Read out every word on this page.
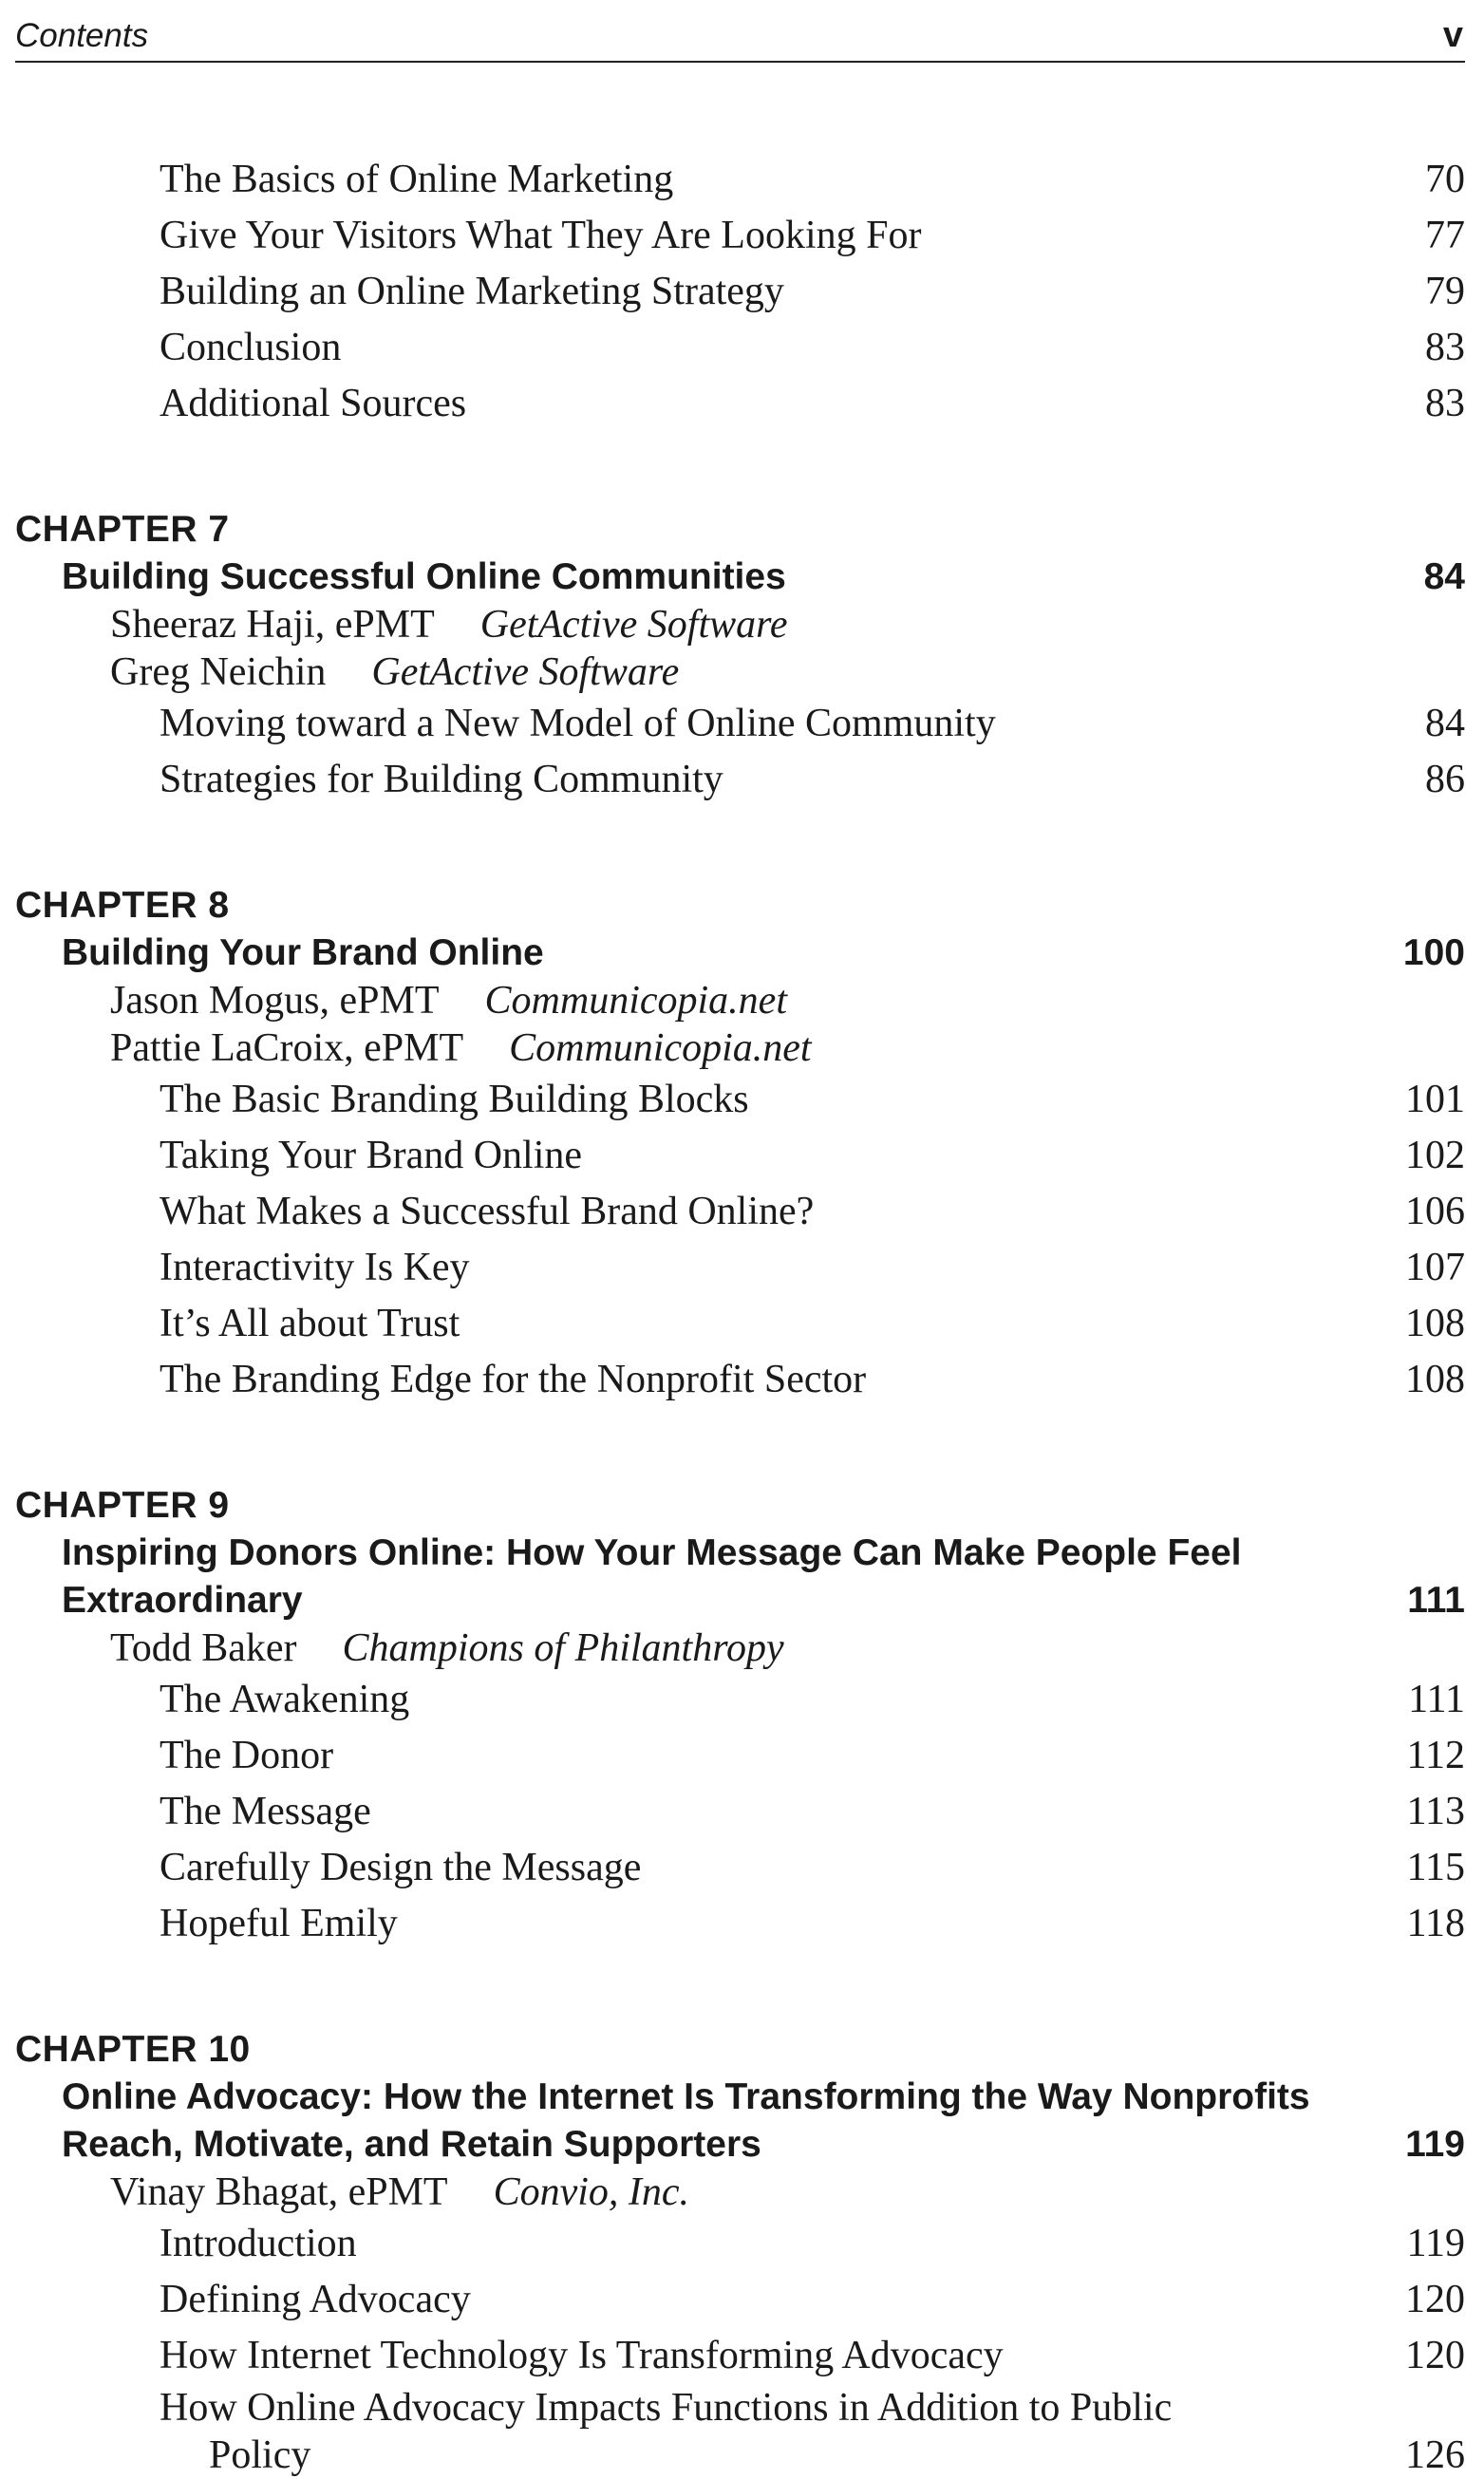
Contents	v
The Basics of Online Marketing	70
Give Your Visitors What They Are Looking For	77
Building an Online Marketing Strategy	79
Conclusion	83
Additional Sources	83
CHAPTER 7
Building Successful Online Communities	84
Sheeraz Haji, ePMT GetActive Software
Greg Neichin GetActive Software
Moving toward a New Model of Online Community	84
Strategies for Building Community	86
CHAPTER 8
Building Your Brand Online	100
Jason Mogus, ePMT Communicopia.net
Pattie LaCroix, ePMT Communicopia.net
The Basic Branding Building Blocks	101
Taking Your Brand Online	102
What Makes a Successful Brand Online?	106
Interactivity Is Key	107
It’s All about Trust	108
The Branding Edge for the Nonprofit Sector	108
CHAPTER 9
Inspiring Donors Online: How Your Message Can Make People Feel
Extraordinary	111
Todd Baker Champions of Philanthropy
The Awakening	111
The Donor	112
The Message	113
Carefully Design the Message	115
Hopeful Emily	118
CHAPTER 10
Online Advocacy: How the Internet Is Transforming the Way Nonprofits
Reach, Motivate, and Retain Supporters	119
Vinay Bhagat, ePMT Convio, Inc.
Introduction	119
Defining Advocacy	120
How Internet Technology Is Transforming Advocacy	120
How Online Advocacy Impacts Functions in Addition to Public
Policy	126
